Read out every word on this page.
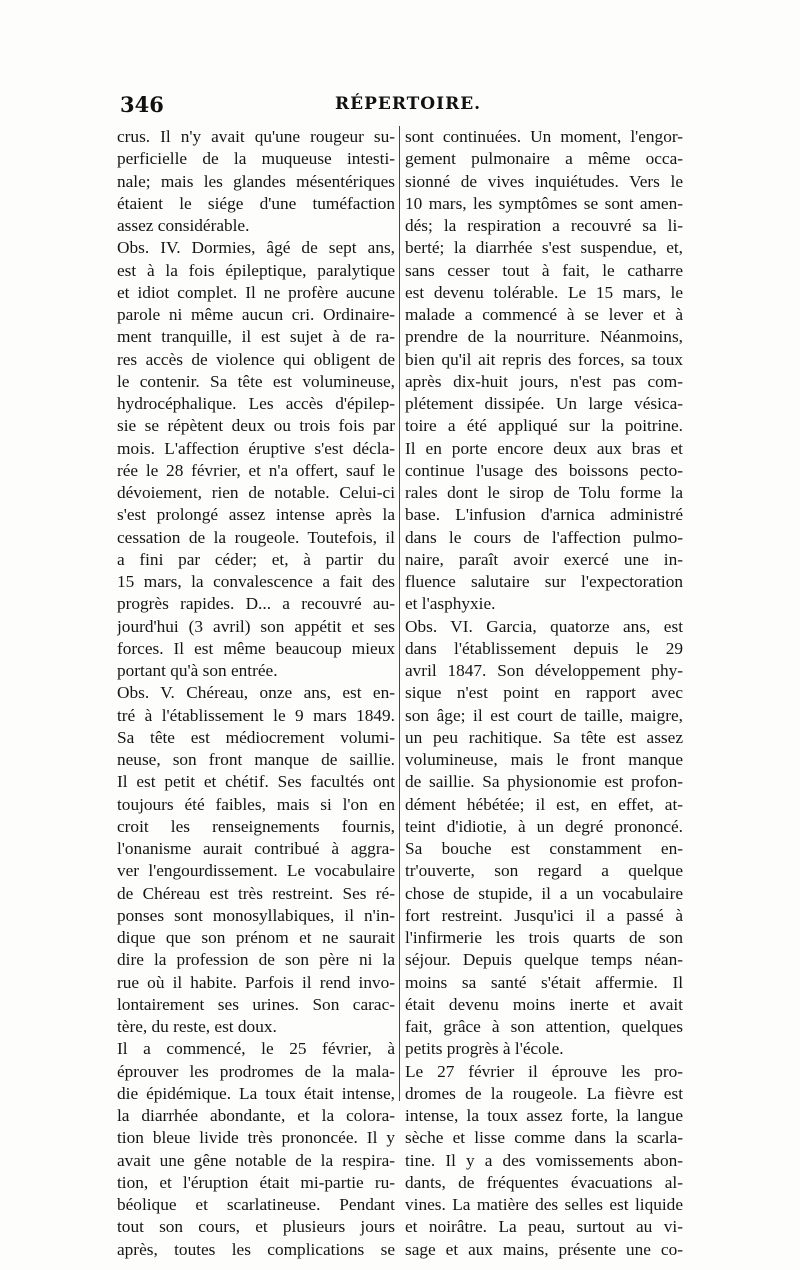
346	RÉPERTOIRE.
crus. Il n'y avait qu'une rougeur su-
perficielle de la muqueuse intesti-
nale; mais les glandes mésentériques
étaient le siége d'une tuméfaction
assez considérable.
Obs. IV. Dormies, âgé de sept ans,
est à la fois épileptique, paralytique
et idiot complet. Il ne profère aucune
parole ni même aucun cri. Ordinaire-
ment tranquille, il est sujet à de ra-
res accès de violence qui obligent de
le contenir. Sa tête est volumineuse,
hydrocéphalique. Les accès d'épilep-
sie se répètent deux ou trois fois par
mois. L'affection éruptive s'est décla-
rée le 28 février, et n'a offert, sauf le
dévoiement, rien de notable. Celui-ci
s'est prolongé assez intense après la
cessation de la rougeole. Toutefois, il
a fini par céder; et, à partir du
15 mars, la convalescence a fait des
progrès rapides. D... a recouvré au-
jourd'hui (3 avril) son appétit et ses
forces. Il est même beaucoup mieux
portant qu'à son entrée.
Obs. V. Chéreau, onze ans, est en-
tré à l'établissement le 9 mars 1849.
Sa tête est médiocrement volumi-
neuse, son front manque de saillie.
Il est petit et chétif. Ses facultés ont
toujours été faibles, mais si l'on en
croit les renseignements fournis,
l'onanisme aurait contribué à aggra-
ver l'engourdissement. Le vocabulaire
de Chéreau est très restreint. Ses ré-
ponses sont monosyllabiques, il n'in-
dique que son prénom et ne saurait
dire la profession de son père ni la
rue où il habite. Parfois il rend invo-
lontairement ses urines. Son carac-
tère, du reste, est doux.
Il a commencé, le 25 février, à
éprouver les prodromes de la mala-
die épidémique. La toux était intense,
la diarrhée abondante, et la colora-
tion bleue livide très prononcée. Il y
avait une gêne notable de la respira-
tion, et l'éruption était mi-partie ru-
béolique et scarlatineuse. Pendant
tout son cours, et plusieurs jours
après, toutes les complications se
sont continuées. Un moment, l'engor-
gement pulmonaire a même occa-
sionné de vives inquiétudes. Vers le
10 mars, les symptômes se sont amen-
dés; la respiration a recouvré sa li-
berté; la diarrhée s'est suspendue, et,
sans cesser tout à fait, le catharre
est devenu tolérable. Le 15 mars, le
malade a commencé à se lever et à
prendre de la nourriture. Néanmoins,
bien qu'il ait repris des forces, sa toux
après dix-huit jours, n'est pas com-
plétement dissipée. Un large vésica-
toire a été appliqué sur la poitrine.
Il en porte encore deux aux bras et
continue l'usage des boissons pecto-
rales dont le sirop de Tolu forme la
base. L'infusion d'arnica administré
dans le cours de l'affection pulmo-
naire, paraît avoir exercé une in-
fluence salutaire sur l'expectoration
et l'asphyxie.
Obs. VI. Garcia, quatorze ans, est
dans l'établissement depuis le 29
avril 1847. Son développement phy-
sique n'est point en rapport avec
son âge; il est court de taille, maigre,
un peu rachitique. Sa tête est assez
volumineuse, mais le front manque
de saillie. Sa physionomie est profon-
dément hébétée; il est, en effet, at-
teint d'idiotie, à un degré prononcé.
Sa bouche est constamment en-
tr'ouverte, son regard a quelque
chose de stupide, il a un vocabulaire
fort restreint. Jusqu'ici il a passé à
l'infirmerie les trois quarts de son
séjour. Depuis quelque temps néan-
moins sa santé s'était affermie. Il
était devenu moins inerte et avait
fait, grâce à son attention, quelques
petits progrès à l'école.
Le 27 février il éprouve les pro-
dromes de la rougeole. La fièvre est
intense, la toux assez forte, la langue
sèche et lisse comme dans la scarla-
tine. Il y a des vomissements abon-
dants, de fréquentes évacuations al-
vines. La matière des selles est liquide
et noirâtre. La peau, surtout au vi-
sage et aux mains, présente une co-
